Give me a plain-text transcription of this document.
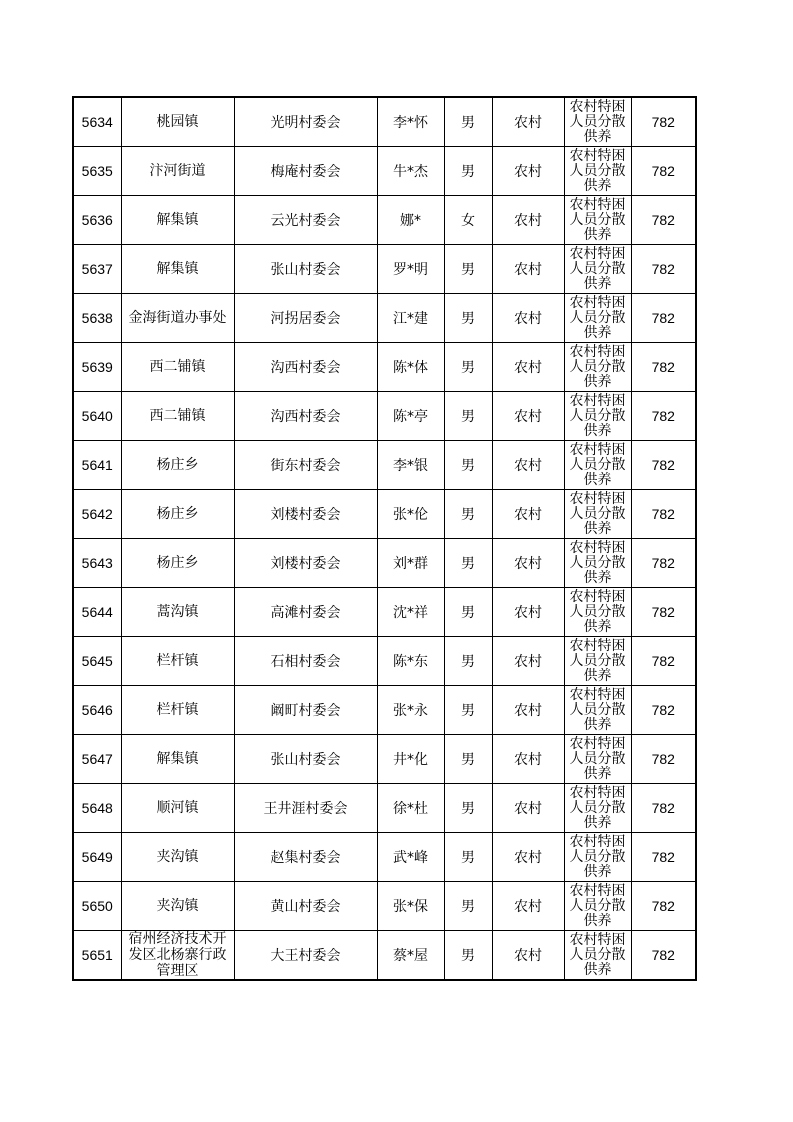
5634	桃园镇	光明村委会	李*怀	男	农村	农村特困人员分散供养	782
5635	汴河街道	梅庵村委会	牛*杰	男	农村	农村特困人员分散供养	782
5636	解集镇	云光村委会	娜*	女	农村	农村特困人员分散供养	782
5637	解集镇	张山村委会	罗*明	男	农村	农村特困人员分散供养	782
5638	金海街道办事处	河拐居委会	江*建	男	农村	农村特困人员分散供养	782
5639	西二铺镇	沟西村委会	陈*体	男	农村	农村特困人员分散供养	782
5640	西二铺镇	沟西村委会	陈*亭	男	农村	农村特困人员分散供养	782
5641	杨庄乡	街东村委会	李*银	男	农村	农村特困人员分散供养	782
5642	杨庄乡	刘楼村委会	张*伦	男	农村	农村特困人员分散供养	782
5643	杨庄乡	刘楼村委会	刘*群	男	农村	农村特困人员分散供养	782
5644	蒿沟镇	高滩村委会	沈*祥	男	农村	农村特困人员分散供养	782
5645	栏杆镇	石相村委会	陈*东	男	农村	农村特困人员分散供养	782
5646	栏杆镇	阚町村委会	张*永	男	农村	农村特困人员分散供养	782
5647	解集镇	张山村委会	井*化	男	农村	农村特困人员分散供养	782
5648	顺河镇	王井涯村委会	徐*杜	男	农村	农村特困人员分散供养	782
5649	夹沟镇	赵集村委会	武*峰	男	农村	农村特困人员分散供养	782
5650	夹沟镇	黄山村委会	张*保	男	农村	农村特困人员分散供养	782
5651	宿州经济技术开发区北杨寨行政管理区	大王村委会	蔡*屋	男	农村	农村特困人员分散供养	782
